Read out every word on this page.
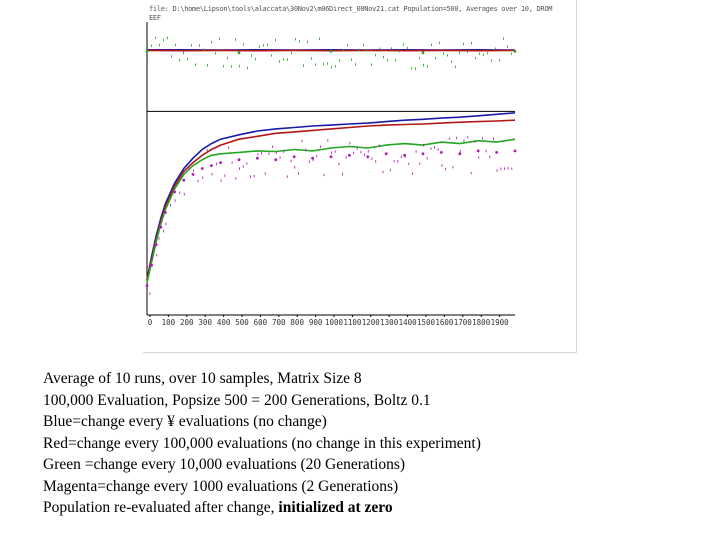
file: D:\home\Lipson\tools\alaccata\30Nov2\m06Direct_00Nov21.cat Population=500, Averages over 10, DROM
EEF
0 100 200 300 400 500 600 700 800 900 1000 1100 1200 1300 1400 1500 1600 1700 1800 1900
Average of 10 runs, over 10 samples, Matrix Size 8
100,000 Evaluation, Popsize 500 = 200 Generations, Boltz 0.1
Blue=change every ¥ evaluations (no change)
Red=change every 100,000 evaluations (no change in this experiment)
Green =change every 10,000 evaluations (20 Generations)
Magenta=change every 1000 evaluations (2 Generations)
Population re-evaluated after change, initialized at zero
